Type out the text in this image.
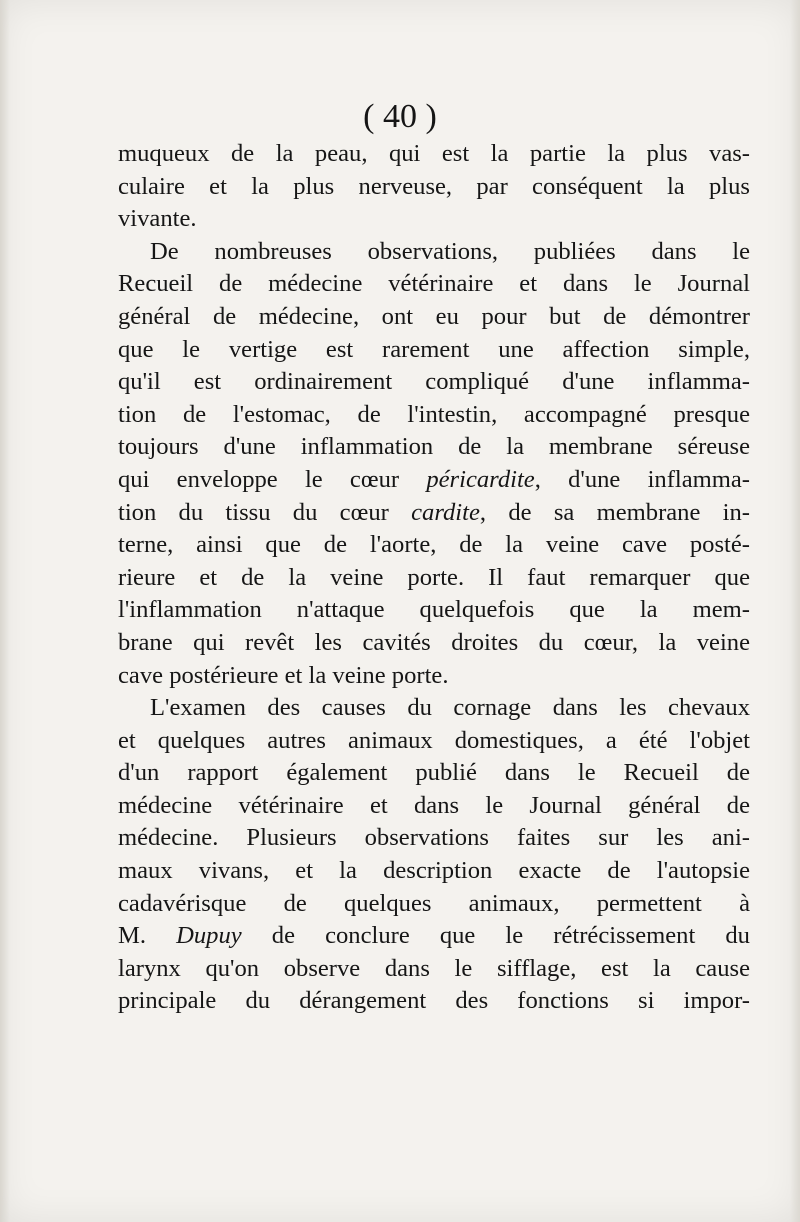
( 40 )
muqueux de la peau, qui est la partie la plus vas-
culaire et la plus nerveuse, par conséquent la plus
vivante.
De nombreuses observations, publiées dans le
Recueil de médecine vétérinaire et dans le Journal
général de médecine, ont eu pour but de démontrer
que le vertige est rarement une affection simple,
qu'il est ordinairement compliqué d'une inflamma-
tion de l'estomac, de l'intestin, accompagné presque
toujours d'une inflammation de la membrane séreuse
qui enveloppe le cœur péricardite, d'une inflamma-
tion du tissu du cœur cardite, de sa membrane in-
terne, ainsi que de l'aorte, de la veine cave posté-
rieure et de la veine porte. Il faut remarquer que
l'inflammation n'attaque quelquefois que la mem-
brane qui revêt les cavités droites du cœur, la veine
cave postérieure et la veine porte.
L'examen des causes du cornage dans les chevaux
et quelques autres animaux domestiques, a été l'objet
d'un rapport également publié dans le Recueil de
médecine vétérinaire et dans le Journal général de
médecine. Plusieurs observations faites sur les ani-
maux vivans, et la description exacte de l'autopsie
cadavérisque de quelques animaux, permettent à
M. Dupuy de conclure que le rétrécissement du
larynx qu'on observe dans le sifflage, est la cause
principale du dérangement des fonctions si impor-
